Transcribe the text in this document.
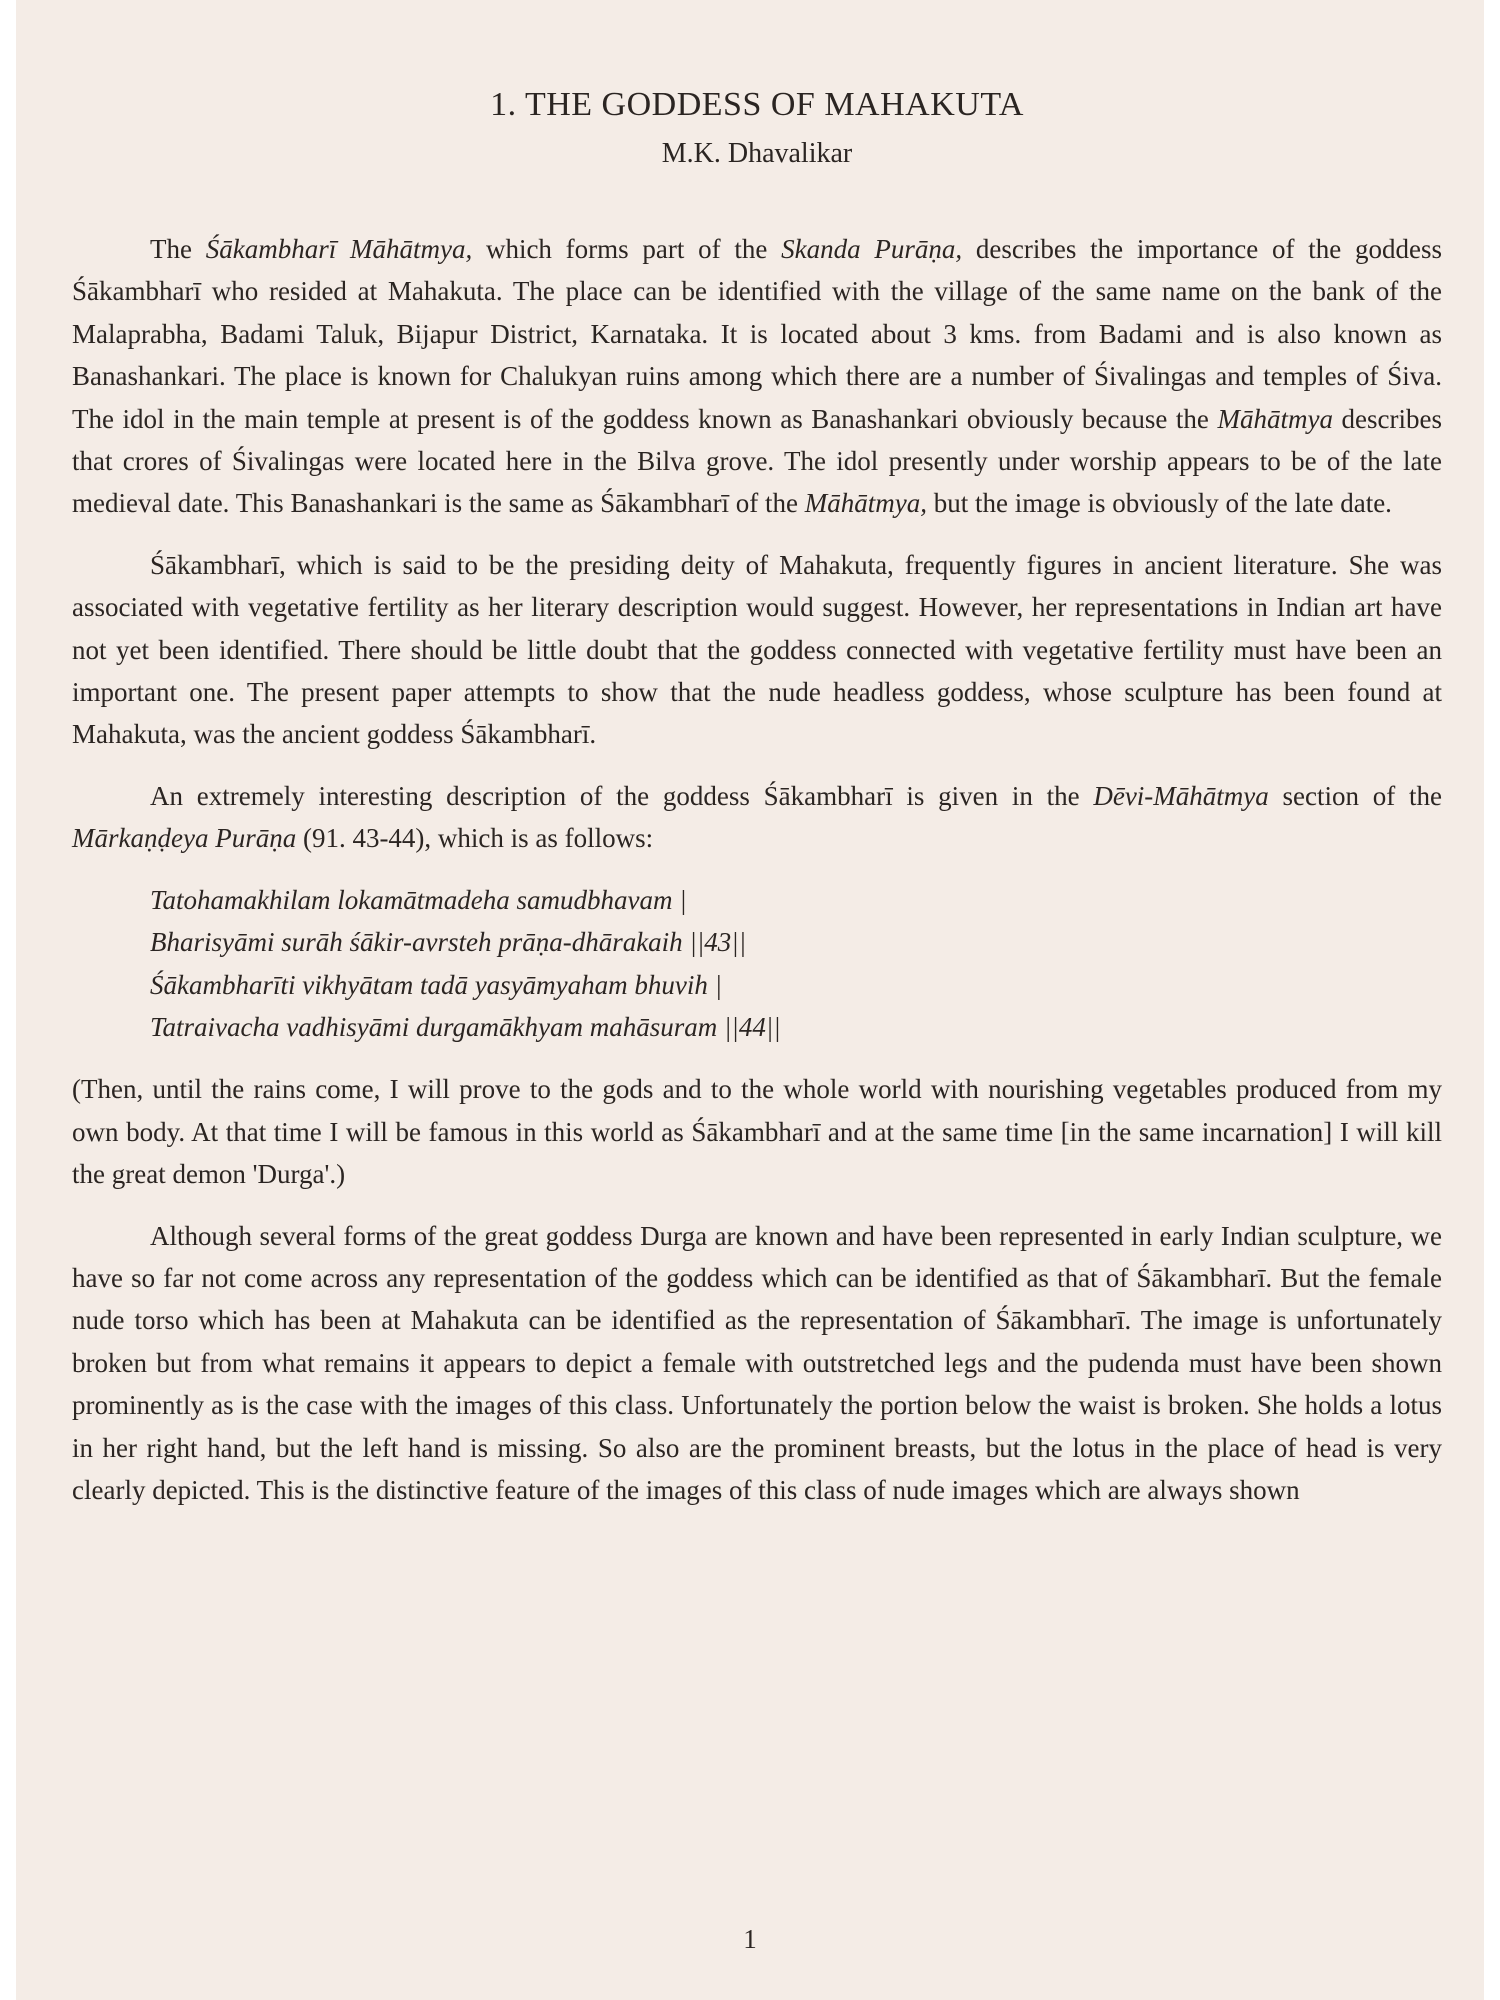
1. THE GODDESS OF MAHAKUTA
M.K. Dhavalikar

The Śākambharī Māhātmya, which forms part of the Skanda Purāṇa, describes the importance of the goddess Śākambharī who resided at Mahakuta. The place can be identified with the village of the same name on the bank of the Malaprabha, Badami Taluk, Bijapur District, Karnataka. It is located about 3 kms. from Badami and is also known as Banashankari. The place is known for Chalukyan ruins among which there are a number of Śivalingas and temples of Śiva. The idol in the main temple at present is of the goddess known as Banashankari obviously because the Māhātmya describes that crores of Śivalingas were located here in the Bilva grove. The idol presently under worship appears to be of the late medieval date. This Banashankari is the same as Śākambharī of the Māhātmya, but the image is obviously of the late date.

Śākambharī, which is said to be the presiding deity of Mahakuta, frequently figures in ancient literature. She was associated with vegetative fertility as her literary description would suggest. However, her representations in Indian art have not yet been identified. There should be little doubt that the goddess connected with vegetative fertility must have been an important one. The present paper attempts to show that the nude headless goddess, whose sculpture has been found at Mahakuta, was the ancient goddess Śākambharī.

An extremely interesting description of the goddess Śākambharī is given in the Dēvi-Māhātmya section of the Mārkaṇḍeya Purāṇa (91. 43-44), which is as follows:

Tatohamakhilam lokamātmadeha samudbhavam |
Bharisyāmi surāh śākir-avrsteh prāṇa-dhārakaih ||43||
Śākambharīti vikhyātam tadā yasyāmyaham bhuvih |
Tatraivacha vadhisyāmi durgamākhyam mahāsuram ||44||

(Then, until the rains come, I will prove to the gods and to the whole world with nourishing vegetables produced from my own body. At that time I will be famous in this world as Śākambharī and at the same time [in the same incarnation] I will kill the great demon 'Durga'.)

Although several forms of the great goddess Durga are known and have been represented in early Indian sculpture, we have so far not come across any representation of the goddess which can be identified as that of Śākambharī. But the female nude torso which has been at Mahakuta can be identified as the representation of Śākambharī. The image is unfortunately broken but from what remains it appears to depict a female with outstretched legs and the pudenda must have been shown prominently as is the case with the images of this class. Unfortunately the portion below the waist is broken. She holds a lotus in her right hand, but the left hand is missing. So also are the prominent breasts, but the lotus in the place of head is very clearly depicted. This is the distinctive feature of the images of this class of nude images which are always shown

1
